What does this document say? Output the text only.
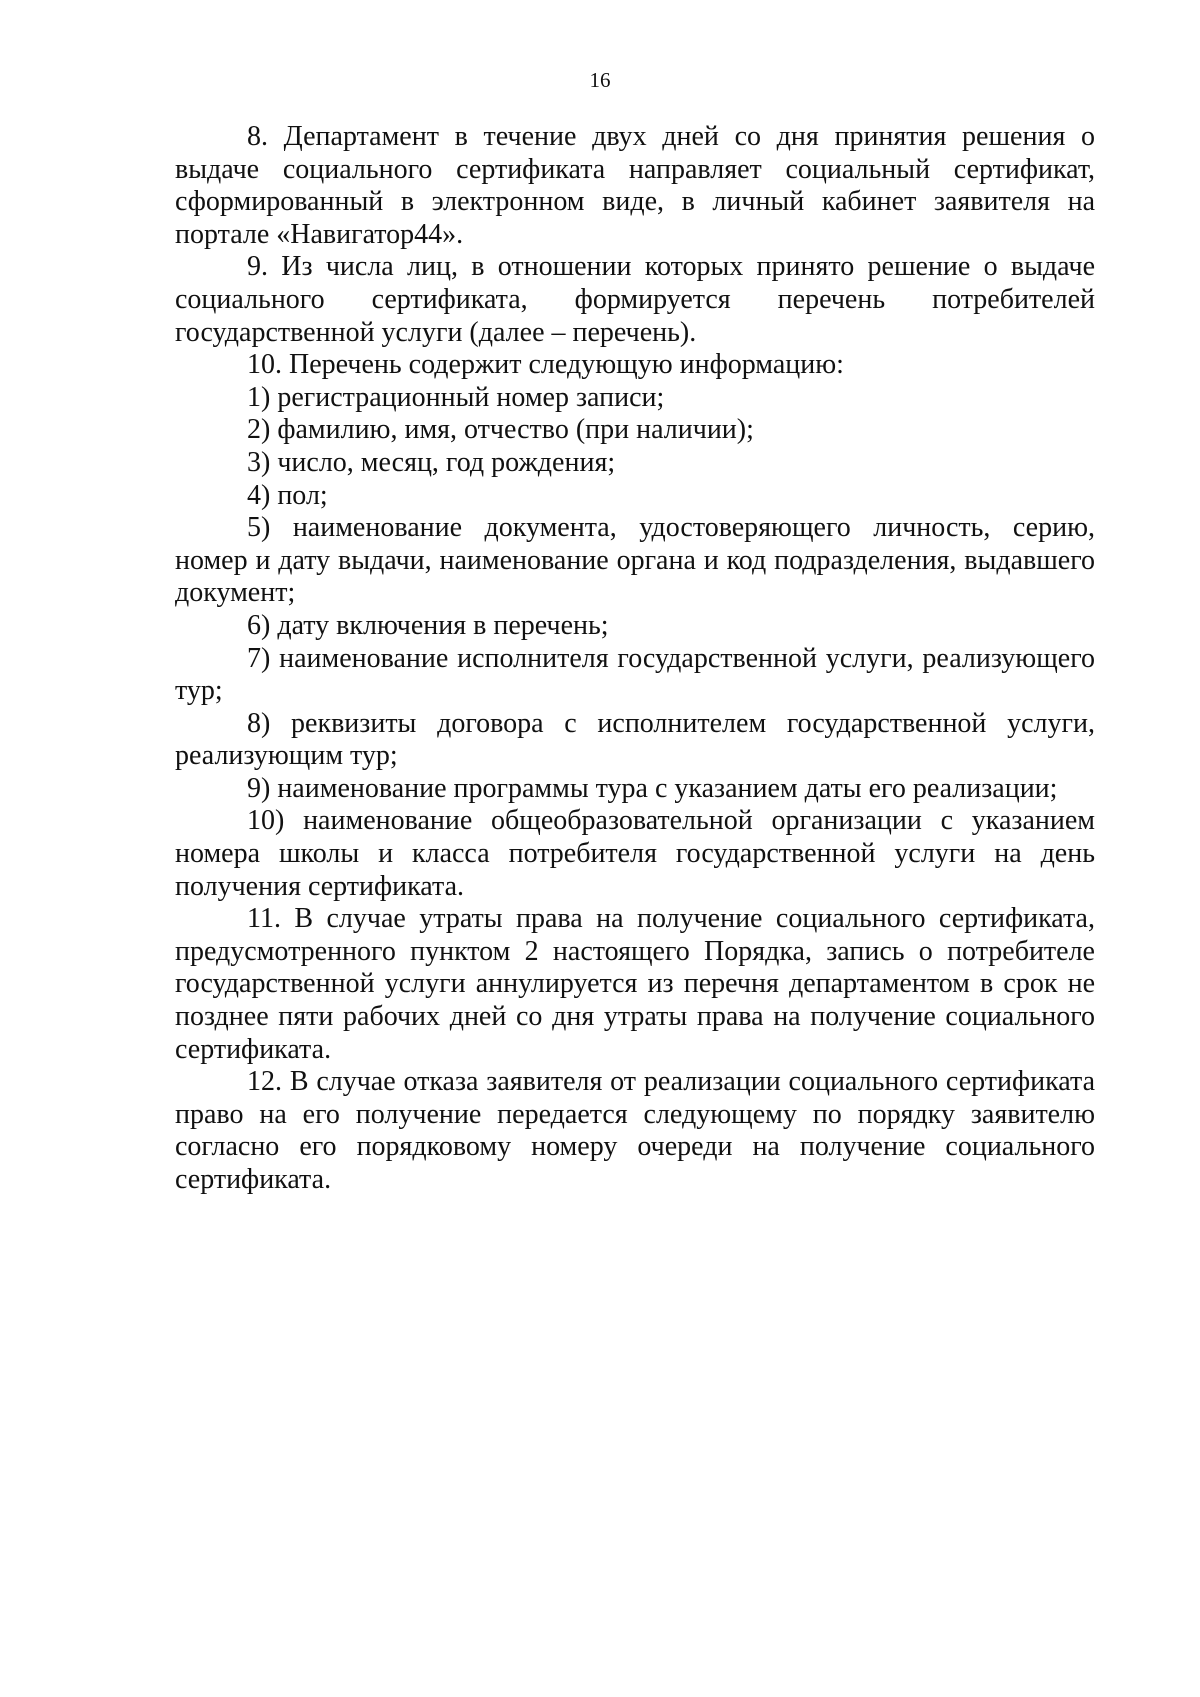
16

8. Департамент в течение двух дней со дня принятия решения о выдаче социального сертификата направляет социальный сертификат, сформированный в электронном виде, в личный кабинет заявителя на портале «Навигатор44».

9. Из числа лиц, в отношении которых принято решение о выдаче социального сертификата, формируется перечень потребителей государственной услуги (далее – перечень).

10. Перечень содержит следующую информацию:

1) регистрационный номер записи;

2) фамилию, имя, отчество (при наличии);

3) число, месяц, год рождения;

4) пол;

5) наименование документа, удостоверяющего личность, серию, номер и дату выдачи, наименование органа и код подразделения, выдавшего документ;

6) дату включения в перечень;

7) наименование исполнителя государственной услуги, реализующего тур;

8) реквизиты договора с исполнителем государственной услуги, реализующим тур;

9) наименование программы тура с указанием даты его реализации;

10) наименование общеобразовательной организации с указанием номера школы и класса потребителя государственной услуги на день получения сертификата.

11. В случае утраты права на получение социального сертификата, предусмотренного пунктом 2 настоящего Порядка, запись о потребителе государственной услуги аннулируется из перечня департаментом в срок не позднее пяти рабочих дней со дня утраты права на получение социального сертификата.

12. В случае отказа заявителя от реализации социального сертификата право на его получение передается следующему по порядку заявителю согласно его порядковому номеру очереди на получение социального сертификата.
